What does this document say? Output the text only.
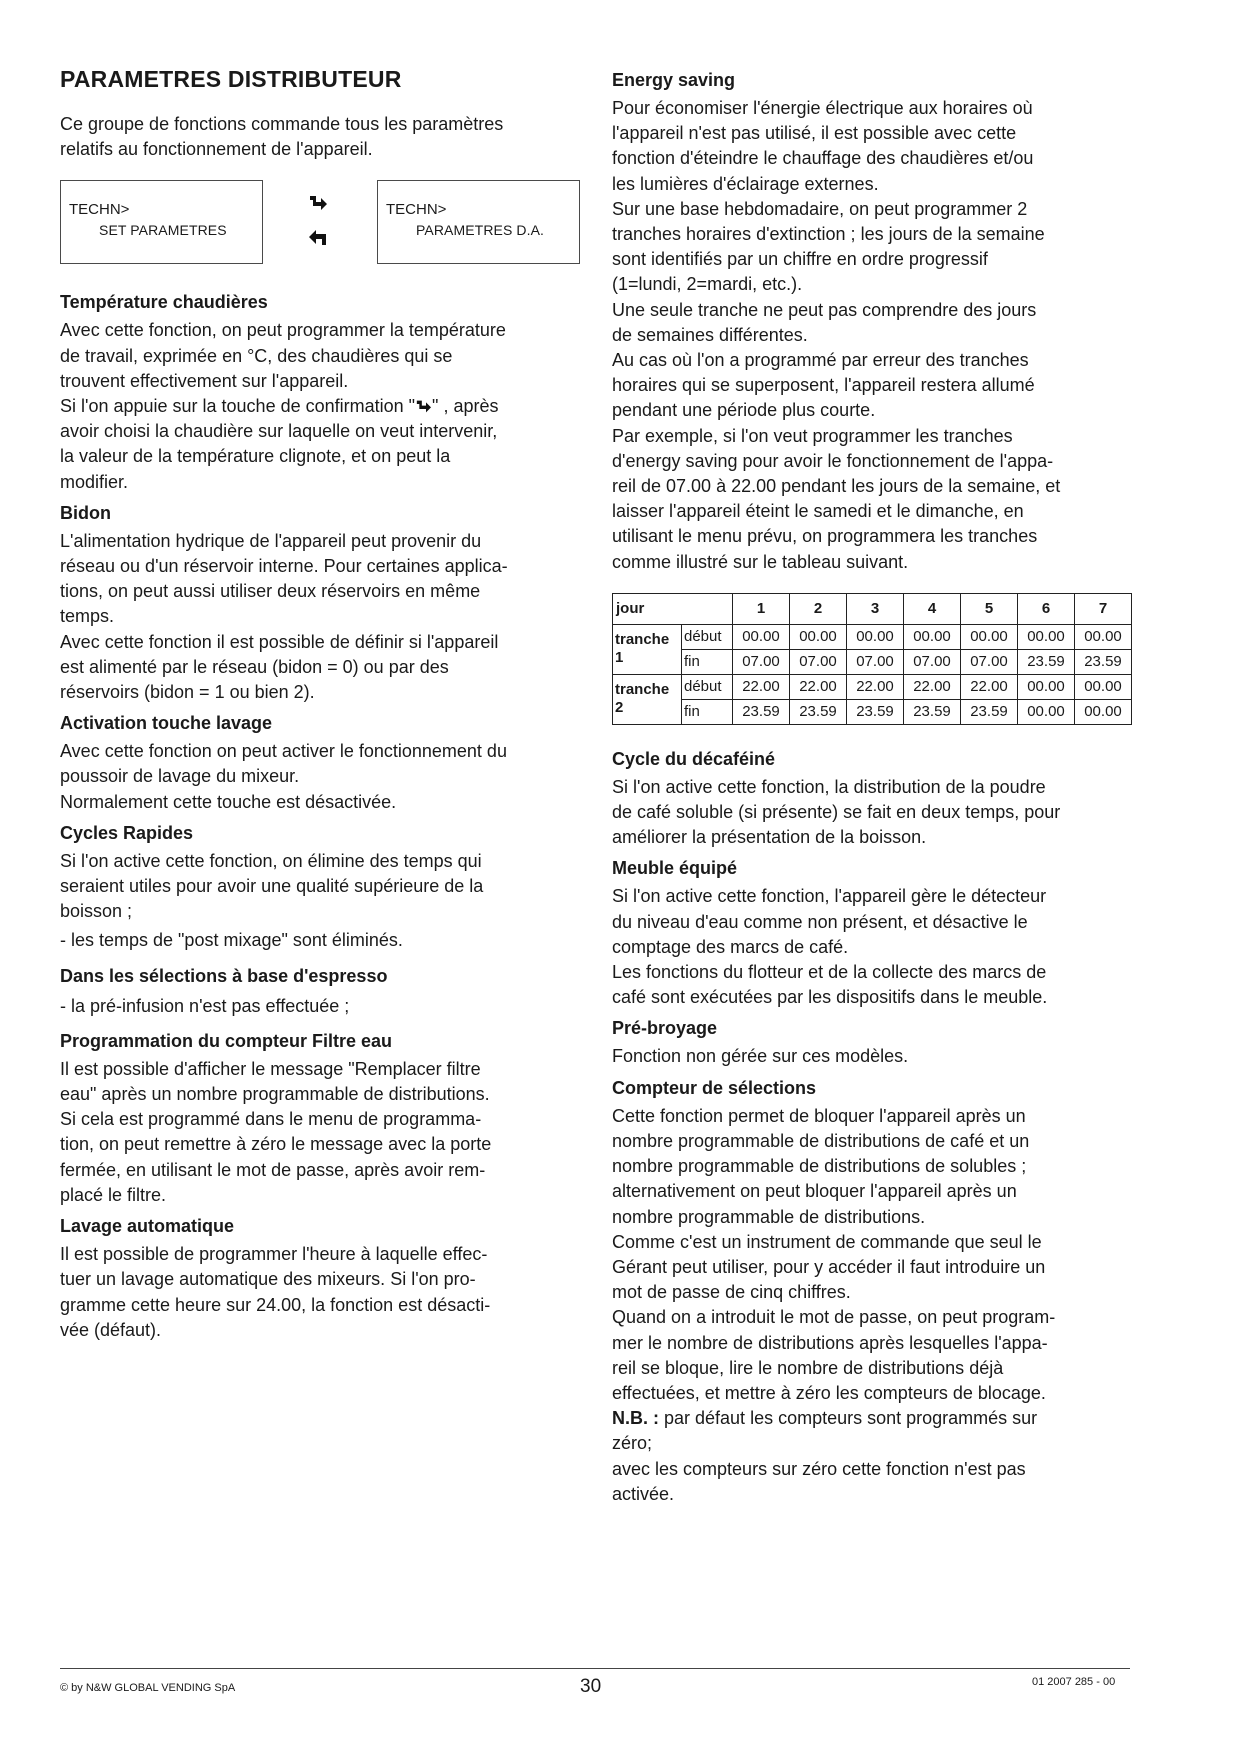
PARAMETRES DISTRIBUTEUR

Ce groupe de fonctions commande tous les paramètres
relatifs au fonctionnement de l'appareil.

TECHN>
SET PARAMETRES
TECHN>
PARAMETRES D.A.
Température chaudières

Avec cette fonction, on peut programmer la température
de travail, exprimée en °C, des chaudières qui se
trouvent effectivement sur l'appareil.

Si l'on appuie sur la touche de confirmation " " , après
avoir choisi la chaudière sur laquelle on veut intervenir,
la valeur de la température clignote, et on peut la
modifier.

Bidon

L'alimentation hydrique de l'appareil peut provenir du
réseau ou d'un réservoir interne. Pour certaines applica-
tions, on peut aussi utiliser deux réservoirs en même
temps.

Avec cette fonction il est possible de définir si l'appareil
est alimenté par le réseau (bidon = 0) ou par des
réservoirs (bidon = 1 ou bien 2).

Activation touche lavage

Avec cette fonction on peut activer le fonctionnement du
poussoir de lavage du mixeur.

Normalement cette touche est désactivée.

Cycles Rapides

Si l'on active cette fonction, on élimine des temps qui
seraient utiles pour avoir une qualité supérieure de la
boisson ;

- les temps de "post mixage" sont éliminés.

Dans les sélections à base d'espresso

- la pré-infusion n'est pas effectuée ;

Programmation du compteur Filtre eau

Il est possible d'afficher le message "Remplacer filtre
eau" après un nombre programmable de distributions.

Si cela est programmé dans le menu de programma-
tion, on peut remettre à zéro le message avec la porte
fermée, en utilisant le mot de passe, après avoir rem-
placé le filtre.

Lavage automatique

Il est possible de programmer l'heure à laquelle effec-
tuer un lavage automatique des mixeurs. Si l'on pro-
gramme cette heure sur 24.00, la fonction est désacti-
vée (défaut).

Energy saving

Pour économiser l'énergie électrique aux horaires où
l'appareil n'est pas utilisé, il est possible avec cette
fonction d'éteindre le chauffage des chaudières et/ou
les lumières d'éclairage externes.

Sur une base hebdomadaire, on peut programmer 2
tranches horaires d'extinction ; les jours de la semaine
sont identifiés par un chiffre en ordre progressif
(1=lundi, 2=mardi, etc.).

Une seule tranche ne peut pas comprendre des jours
de semaines différentes.

Au cas où l'on a programmé par erreur des tranches
horaires qui se superposent, l'appareil restera allumé
pendant une période plus courte.

Par exemple, si l'on veut programmer les tranches
d'energy saving pour avoir le fonctionnement de l'appa-
reil de 07.00 à 22.00 pendant les jours de la semaine, et
laisser l'appareil éteint le samedi et le dimanche, en
utilisant le menu prévu, on programmera les tranches
comme illustré sur le tableau suivant.

jour		1	2	3	4	5	6	7
tranche
1	début	00.00	00.00	00.00	00.00	00.00	00.00	00.00
	fin	07.00	07.00	07.00	07.00	07.00	23.59	23.59
tranche
2	début	22.00	22.00	22.00	22.00	22.00	00.00	00.00
	fin	23.59	23.59	23.59	23.59	23.59	00.00	00.00
Cycle du décaféiné

Si l'on active cette fonction, la distribution de la poudre
de café soluble (si présente) se fait en deux temps, pour
améliorer la présentation de la boisson.

Meuble équipé

Si l'on active cette fonction, l'appareil gère le détecteur
du niveau d'eau comme non présent, et désactive le
comptage des marcs de café.

Les fonctions du flotteur et de la collecte des marcs de
café sont exécutées par les dispositifs dans le meuble.

Pré-broyage

Fonction non gérée sur ces modèles.

Compteur de sélections

Cette fonction permet de bloquer l'appareil après un
nombre programmable de distributions de café et un
nombre programmable de distributions de solubles ;
alternativement on peut bloquer l'appareil après un
nombre programmable de distributions.

Comme c'est un instrument de commande que seul le
Gérant peut utiliser, pour y accéder il faut introduire un
mot de passe de cinq chiffres.

Quand on a introduit le mot de passe, on peut program-
mer le nombre de distributions après lesquelles l'appa-
reil se bloque, lire le nombre de distributions déjà
effectuées, et mettre à zéro les compteurs de blocage.

N.B. : par défaut les compteurs sont programmés sur
zéro;

avec les compteurs sur zéro cette fonction n'est pas
activée.

© by N&W GLOBAL VENDING SpA	30	01 2007 285 - 00
